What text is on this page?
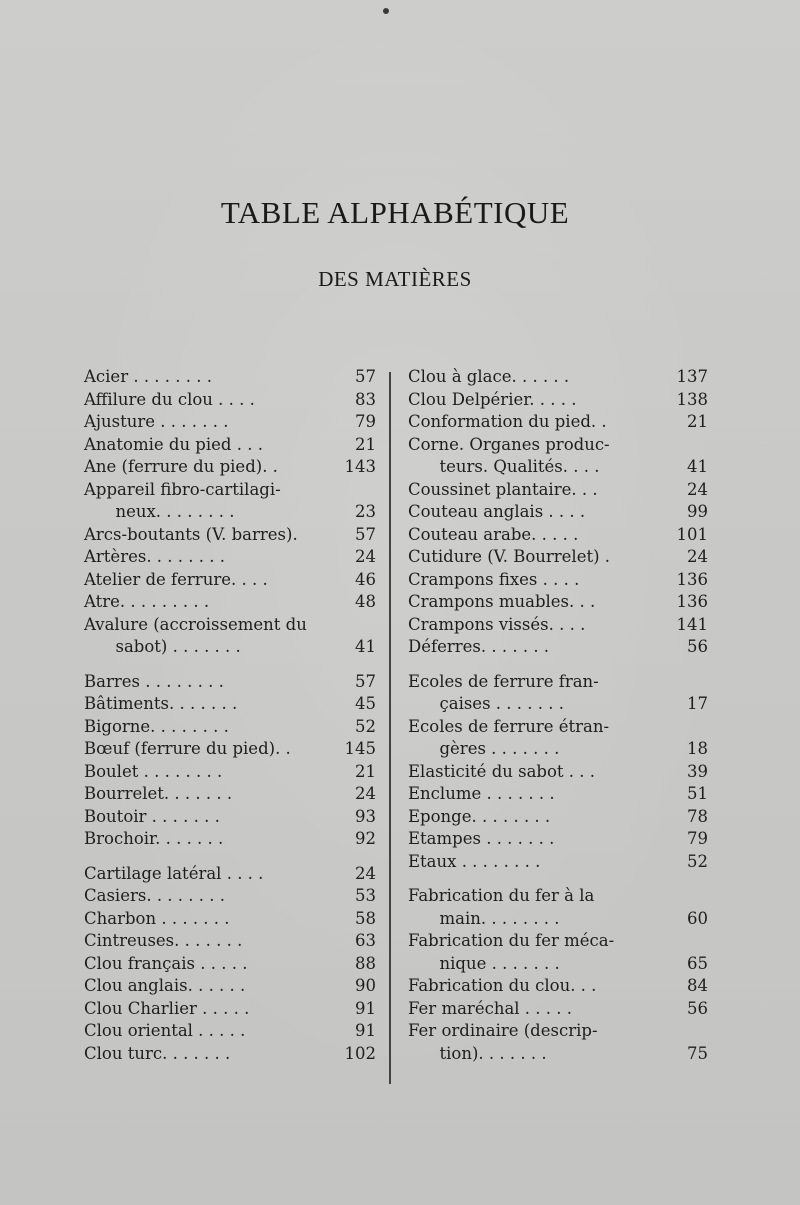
TABLE ALPHABÉTIQUE
DES MATIÈRES
Acier . . . . . . . .	57
Affilure du clou . . . .	83
Ajusture . . . . . . .	79
Anatomie du pied . . .	21
Ane (ferrure du pied). .	143
Appareil fibro-cartilagi-
neux. . . . . . . .	23
Arcs-boutants (V. barres).	57
Artères. . . . . . . .	24
Atelier de ferrure. . . .	46
Atre. . . . . . . . .	48
Avalure (accroissement du
sabot) . . . . . . .	41
Barres . . . . . . . .	57
Bâtiments. . . . . . .	45
Bigorne. . . . . . . .	52
Bœuf (ferrure du pied). .	145
Boulet . . . . . . . .	21
Bourrelet. . . . . . .	24
Boutoir . . . . . . .	93
Brochoir. . . . . . .	92
Cartilage latéral . . . .	24
Casiers. . . . . . . .	53
Charbon . . . . . . .	58
Cintreuses. . . . . . .	63
Clou français . . . . .	88
Clou anglais. . . . . .	90
Clou Charlier . . . . .	91
Clou oriental . . . . .	91
Clou turc. . . . . . .	102
Clou à glace. . . . . .	137
Clou Delpérier. . . . .	138
Conformation du pied. .	21
Corne. Organes produc-
teurs. Qualités. . . .	41
Coussinet plantaire. . .	24
Couteau anglais . . . .	99
Couteau arabe. . . . .	101
Cutidure (V. Bourrelet) .	24
Crampons fixes . . . .	136
Crampons muables. . .	136
Crampons vissés. . . .	141
Déferres. . . . . . .	56
Ecoles de ferrure fran-
çaises . . . . . . .	17
Ecoles de ferrure étran-
gères . . . . . . .	18
Elasticité du sabot . . .	39
Enclume . . . . . . .	51
Eponge. . . . . . . .	78
Etampes . . . . . . .	79
Etaux . . . . . . . .	52
Fabrication du fer à la
main. . . . . . . .	60
Fabrication du fer méca-
nique . . . . . . .	65
Fabrication du clou. . .	84
Fer maréchal . . . . .	56
Fer ordinaire (descrip-
tion). . . . . . .	75
